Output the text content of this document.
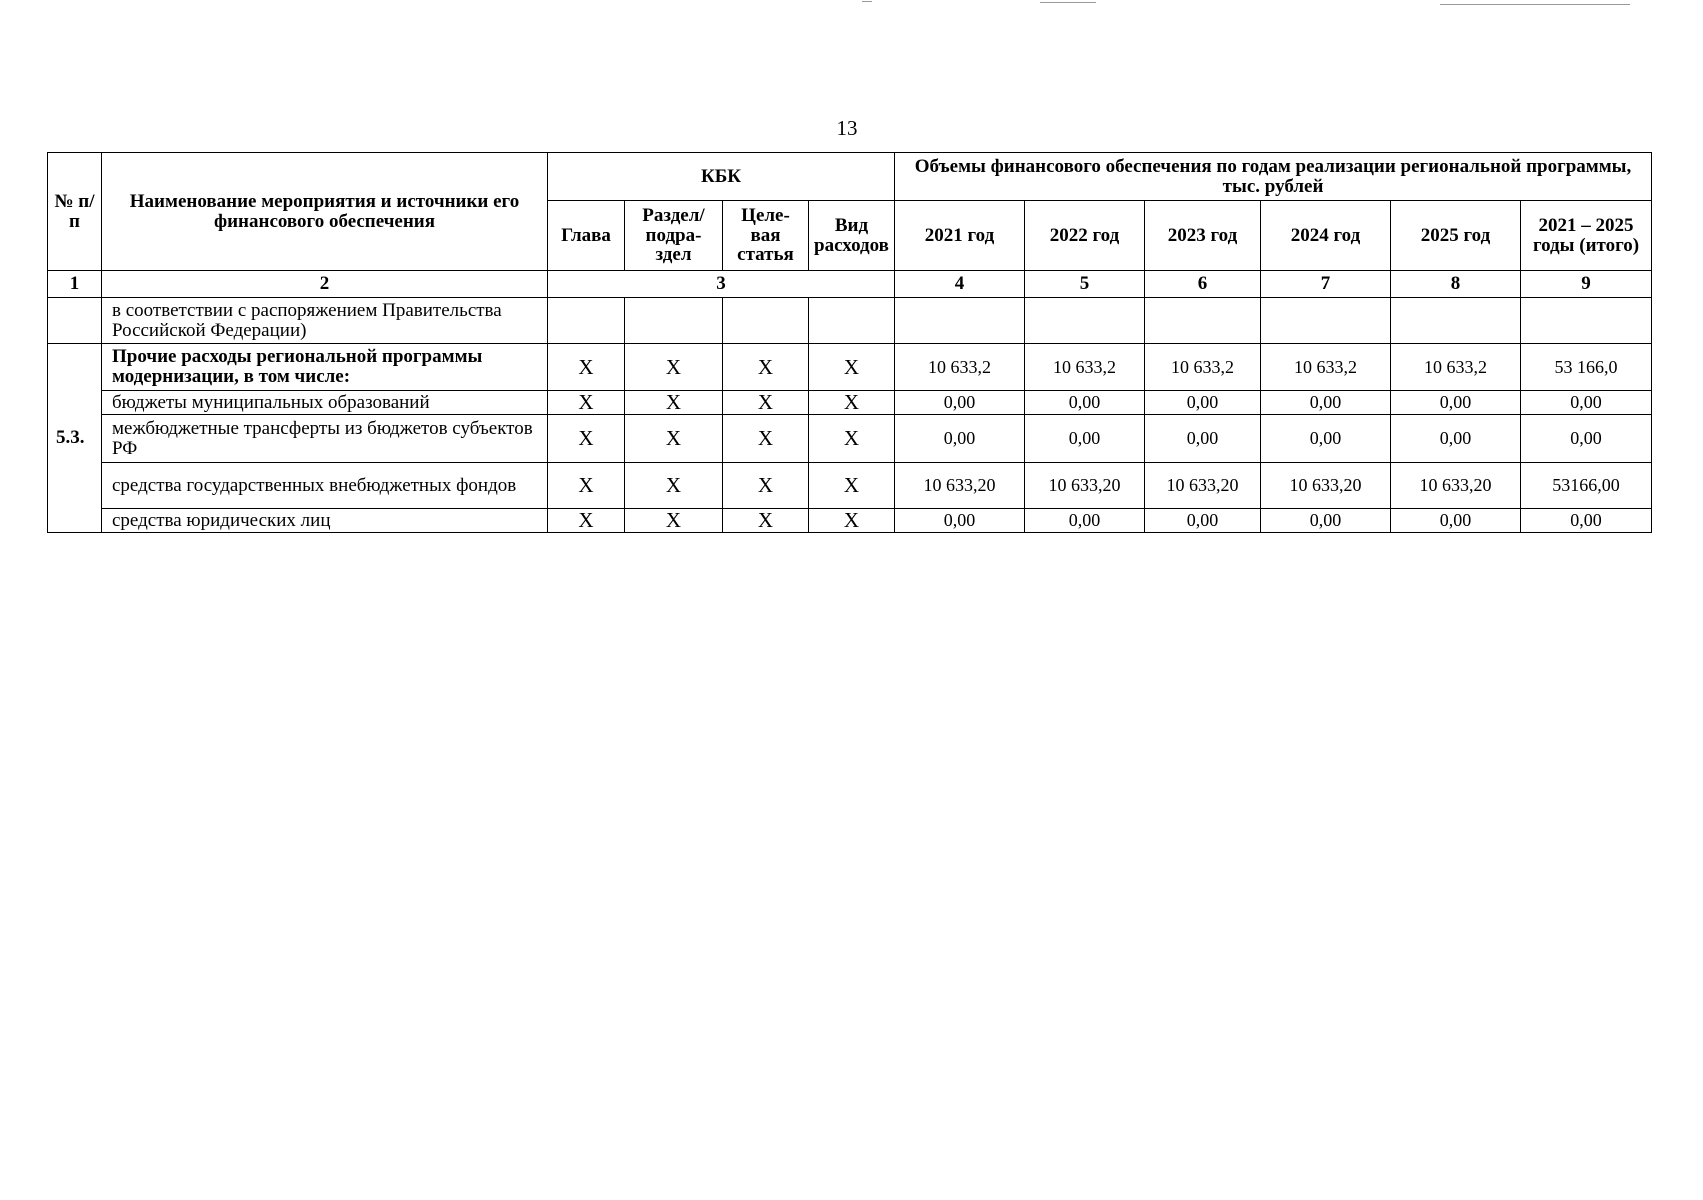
13
№ п/п	Наименование мероприятия и источники его финансового обеспечения	КБК				Объемы финансового обеспечения по годам реализации региональной программы, тыс. рублей					
		Глава	Раздел/ подра- здел	Целе- вая статья	Вид расходов	2021 год	2022 год	2023 год	2024 год	2025 год	2021 – 2025 годы (итого)
1	2	3				4	5	6	7	8	9
	в соответствии с распоряжением Правительства Российской Федерации)										
5.3.	Прочие расходы региональной программы модернизации, в том числе:	X	X	X	X	10 633,2	10 633,2	10 633,2	10 633,2	10 633,2	53 166,0
	бюджеты муниципальных образований	X	X	X	X	0,00	0,00	0,00	0,00	0,00	0,00
	межбюджетные трансферты из бюджетов субъектов РФ	X	X	X	X	0,00	0,00	0,00	0,00	0,00	0,00
	средства государственных внебюджетных фондов	X	X	X	X	10 633,20	10 633,20	10 633,20	10 633,20	10 633,20	53166,00
	средства юридических лиц	X	X	X	X	0,00	0,00	0,00	0,00	0,00	0,00
